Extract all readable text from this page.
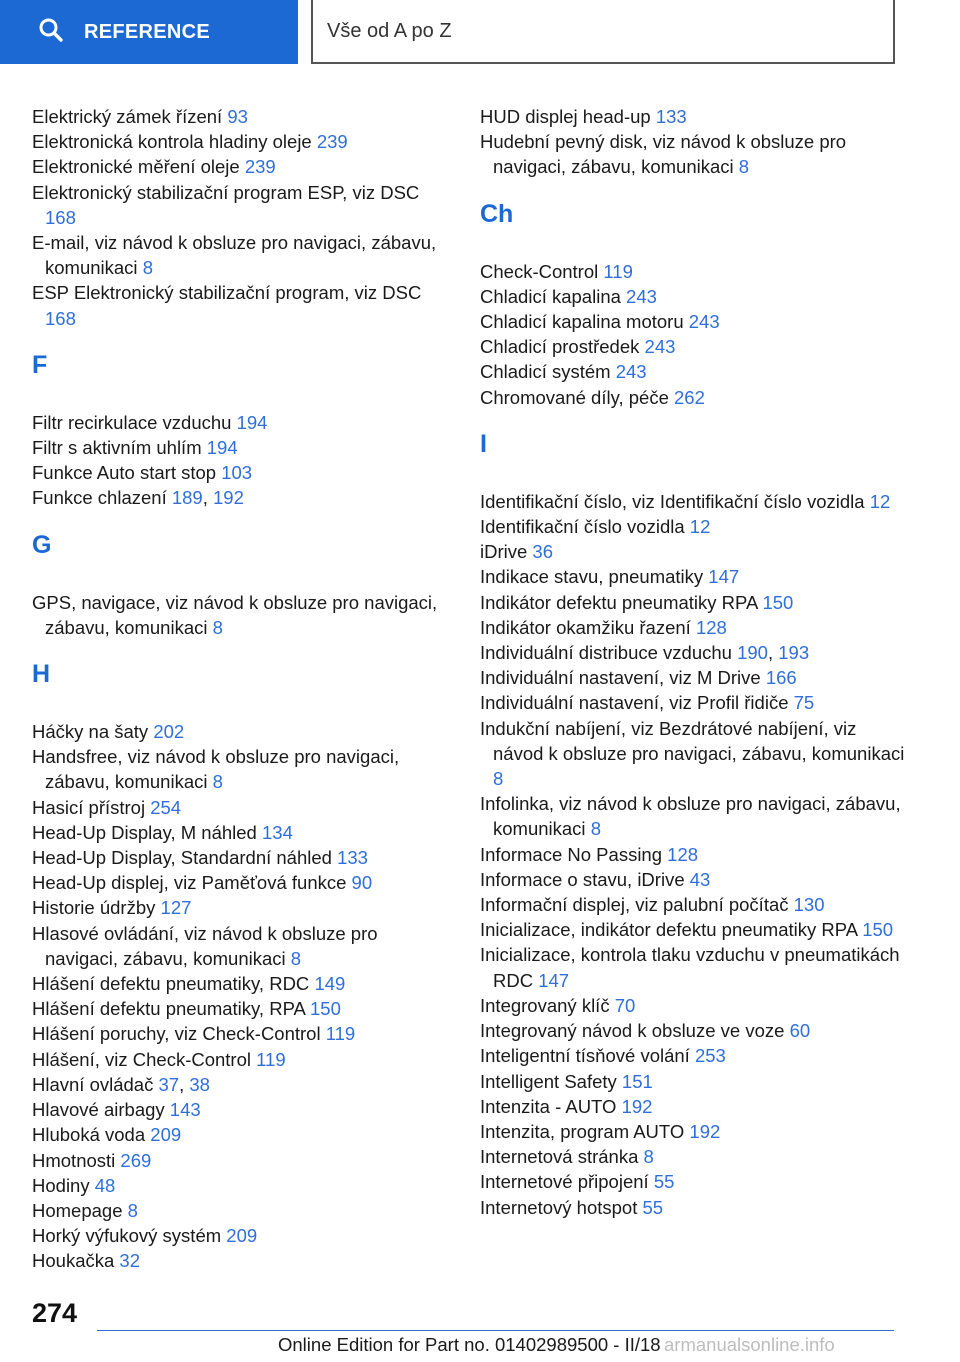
REFERENCE	Vše od A po Z

Elektrický zámek řízení 93

Elektronická kontrola hladiny oleje 239

Elektronické měření oleje 239

Elektronický stabilizační program ESP, viz DSC 168

E-mail, viz návod k obsluze pro navigaci, zábavu, komunikaci 8

ESP Elektronický stabilizační program, viz DSC 168

F

Filtr recirkulace vzduchu 194

Filtr s aktivním uhlím 194

Funkce Auto start stop 103

Funkce chlazení 189, 192

G

GPS, navigace, viz návod k obsluze pro navigaci, zábavu, komunikaci 8

H

Háčky na šaty 202

Handsfree, viz návod k obsluze pro navigaci, zábavu, komunikaci 8

Hasicí přístroj 254

Head-Up Display, M náhled 134

Head-Up Display, Standardní náhled 133

Head-Up displej, viz Paměťová funkce 90

Historie údržby 127

Hlasové ovládání, viz návod k obsluze pro navigaci, zábavu, komunikaci 8

Hlášení defektu pneumatiky, RDC 149

Hlášení defektu pneumatiky, RPA 150

Hlášení poruchy, viz Check-Control 119

Hlášení, viz Check-Control 119

Hlavní ovládač 37, 38

Hlavové airbagy 143

Hluboká voda 209

Hmotnosti 269

Hodiny 48

Homepage 8

Horký výfukový systém 209

Houkačka 32

HUD displej head-up 133

Hudební pevný disk, viz návod k obsluze pro navigaci, zábavu, komunikaci 8

Ch

Check-Control 119

Chladicí kapalina 243

Chladicí kapalina motoru 243

Chladicí prostředek 243

Chladicí systém 243

Chromované díly, péče 262

I

Identifikační číslo, viz Identifikační číslo vozidla 12

Identifikační číslo vozidla 12

iDrive 36

Indikace stavu, pneumatiky 147

Indikátor defektu pneumatiky RPA 150

Indikátor okamžiku řazení 128

Individuální distribuce vzduchu 190, 193

Individuální nastavení, viz M Drive 166

Individuální nastavení, viz Profil řidiče 75

Indukční nabíjení, viz Bezdrátové nabíjení, viz návod k obsluze pro navigaci, zábavu, komunikaci 8

Infolinka, viz návod k obsluze pro navigaci, zábavu, komunikaci 8

Informace No Passing 128

Informace o stavu, iDrive 43

Informační displej, viz palubní počítač 130

Inicializace, indikátor defektu pneumatiky RPA 150

Inicializace, kontrola tlaku vzduchu v pneumatikách RDC 147

Integrovaný klíč 70

Integrovaný návod k obsluze ve voze 60

Inteligentní tísňové volání 253

Intelligent Safety 151

Intenzita - AUTO 192

Intenzita, program AUTO 192

Internetová stránka 8

Internetové připojení 55

Internetový hotspot 55

274
Online Edition for Part no. 01402989500 - II/18 armanualsonline.info
